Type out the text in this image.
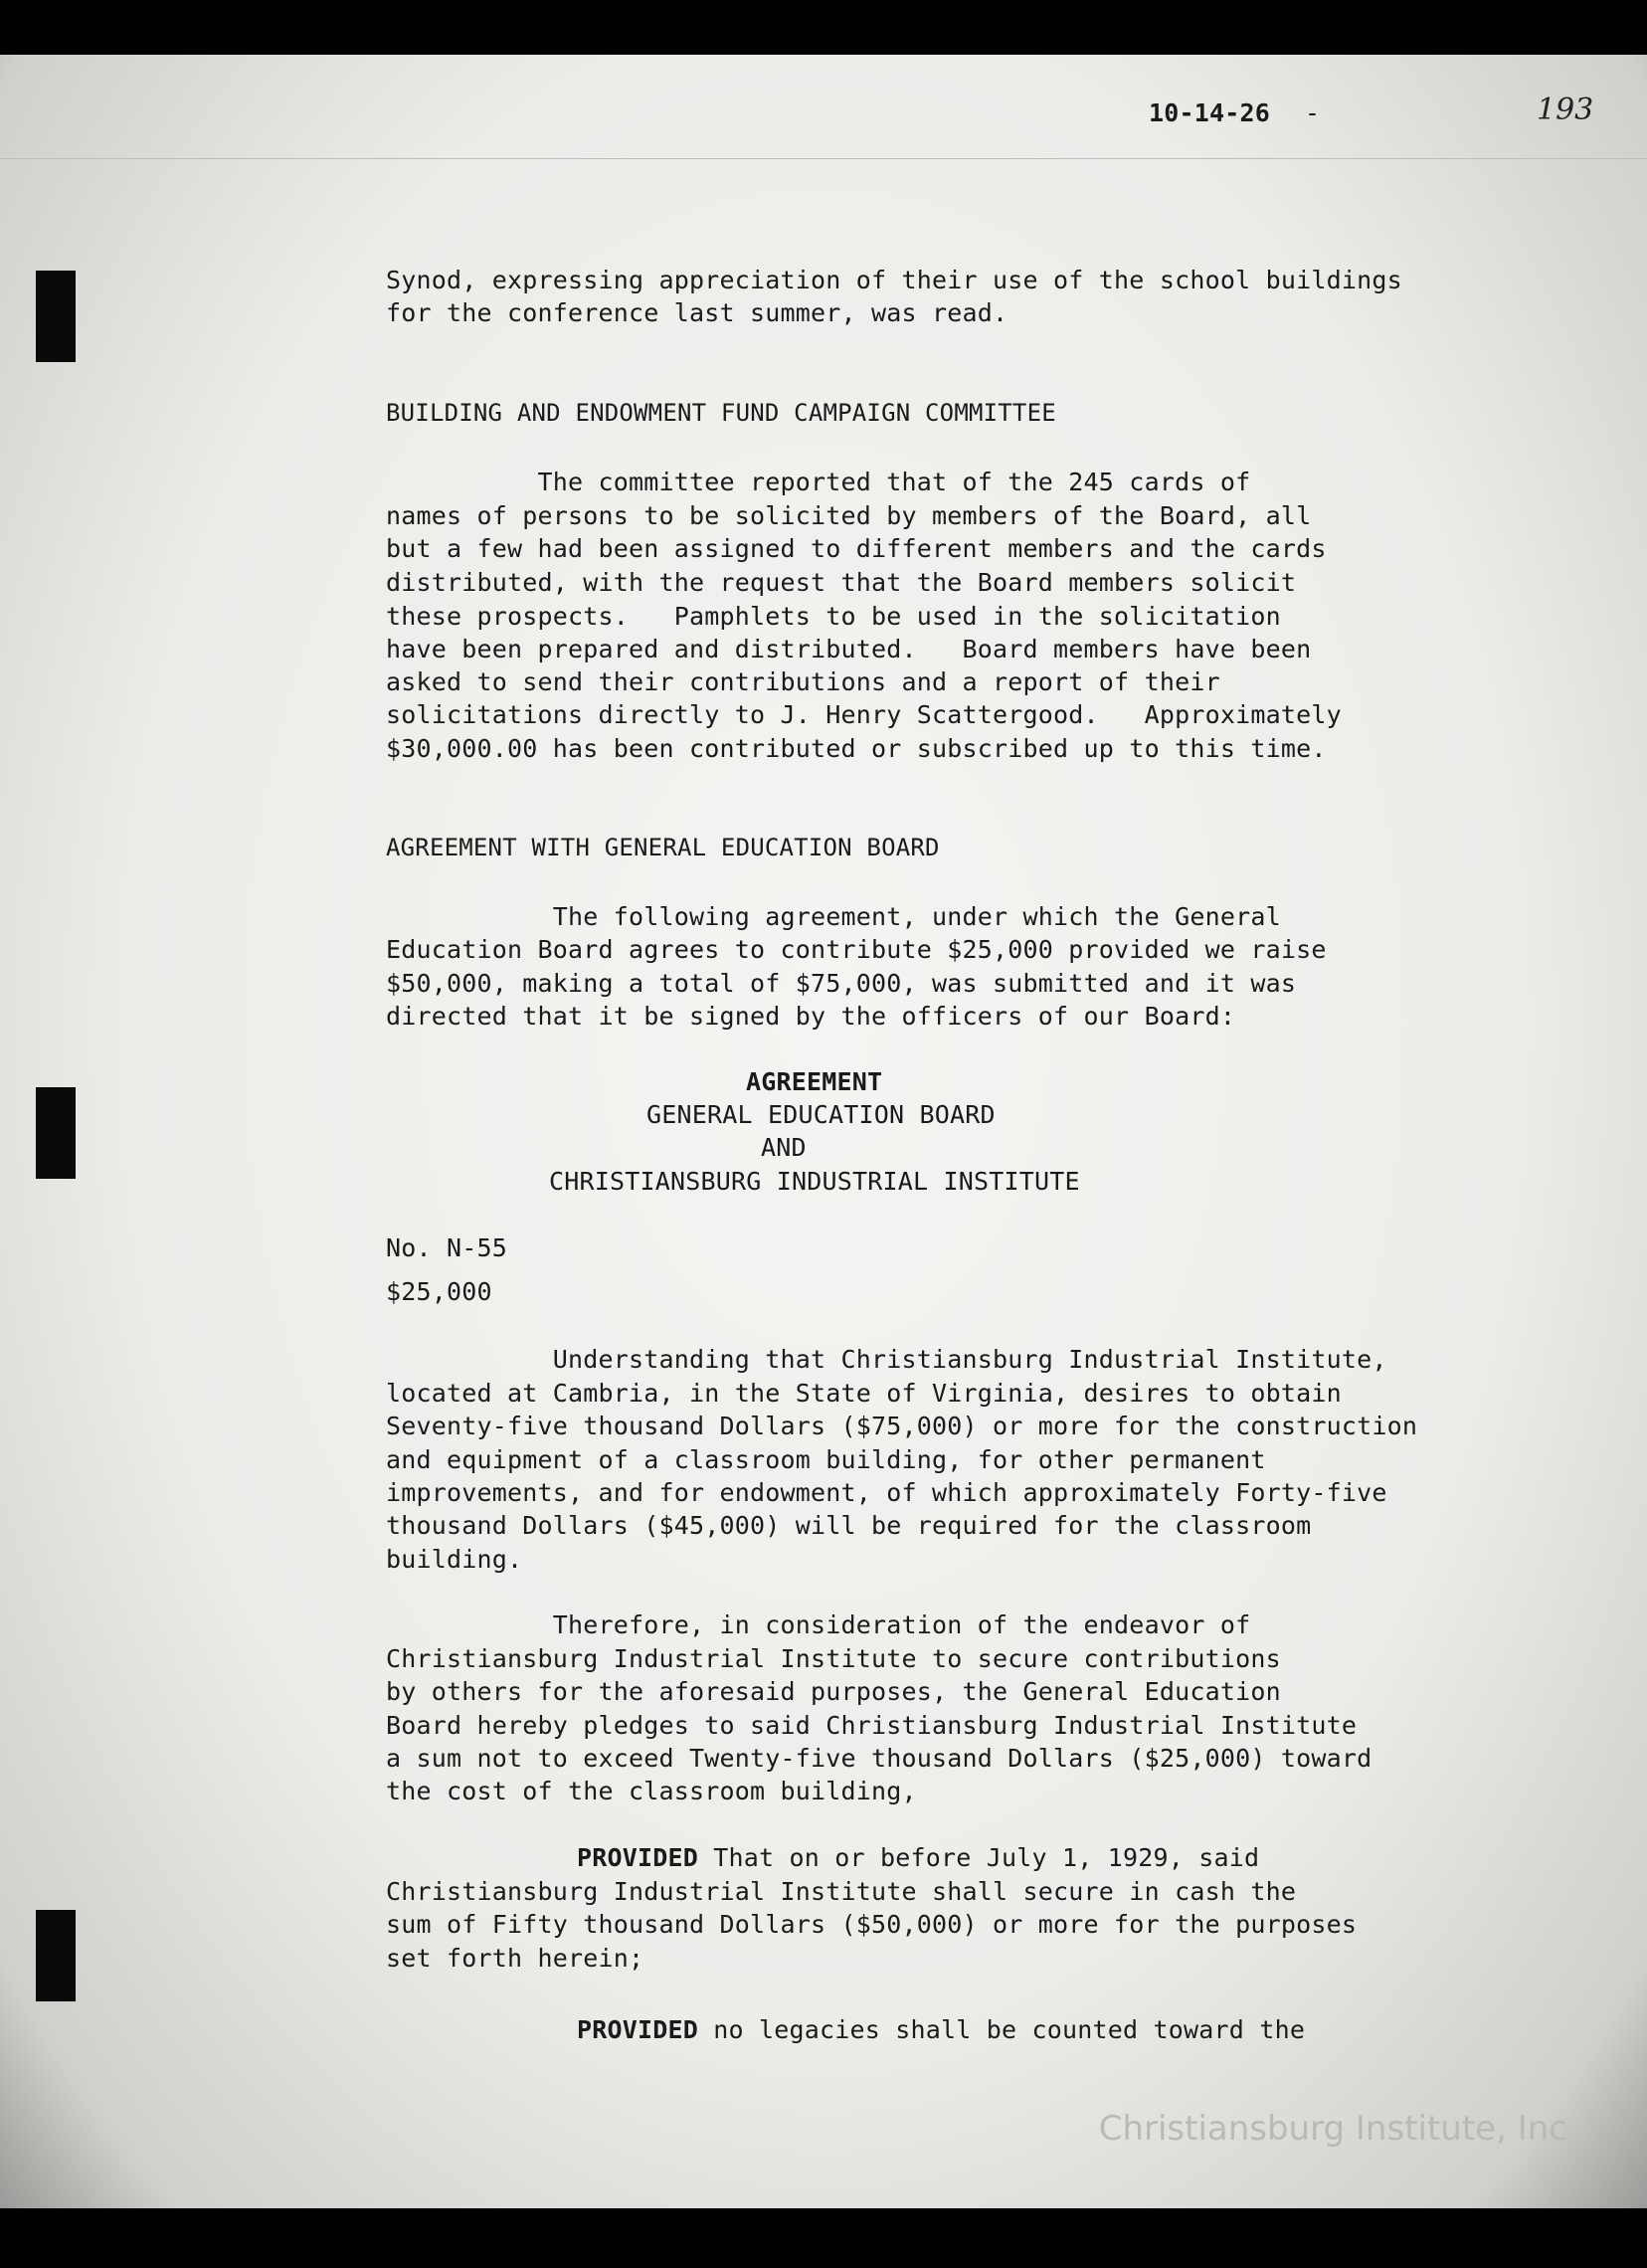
10-14-26 -	193
Synod, expressing appreciation of their use of the school buildings
for the conference last summer, was read.
BUILDING AND ENDOWMENT FUND CAMPAIGN COMMITTEE
The committee reported that of the 245 cards of
names of persons to be solicited by members of the Board, all
but a few had been assigned to different members and the cards
distributed, with the request that the Board members solicit
these prospects.   Pamphlets to be used in the solicitation
have been prepared and distributed.   Board members have been
asked to send their contributions and a report of their
solicitations directly to J. Henry Scattergood.   Approximately
$30,000.00 has been contributed or subscribed up to this time.
AGREEMENT WITH GENERAL EDUCATION BOARD
The following agreement, under which the General
Education Board agrees to contribute $25,000 provided we raise
$50,000, making a total of $75,000, was submitted and it was
directed that it be signed by the officers of our Board:
AGREEMENT
GENERAL EDUCATION BOARD
AND
CHRISTIANSBURG INDUSTRIAL INSTITUTE
No. N-55
$25,000
Understanding that Christiansburg Industrial Institute,
located at Cambria, in the State of Virginia, desires to obtain
Seventy-five thousand Dollars ($75,000) or more for the construction
and equipment of a classroom building, for other permanent
improvements, and for endowment, of which approximately Forty-five
thousand Dollars ($45,000) will be required for the classroom
building.
Therefore, in consideration of the endeavor of
Christiansburg Industrial Institute to secure contributions
by others for the aforesaid purposes, the General Education
Board hereby pledges to said Christiansburg Industrial Institute
a sum not to exceed Twenty-five thousand Dollars ($25,000) toward
the cost of the classroom building,
PROVIDED That on or before July 1, 1929, said
Christiansburg Industrial Institute shall secure in cash the
sum of Fifty thousand Dollars ($50,000) or more for the purposes
set forth herein;
PROVIDED no legacies shall be counted toward the
Christiansburg Institute, Inc
